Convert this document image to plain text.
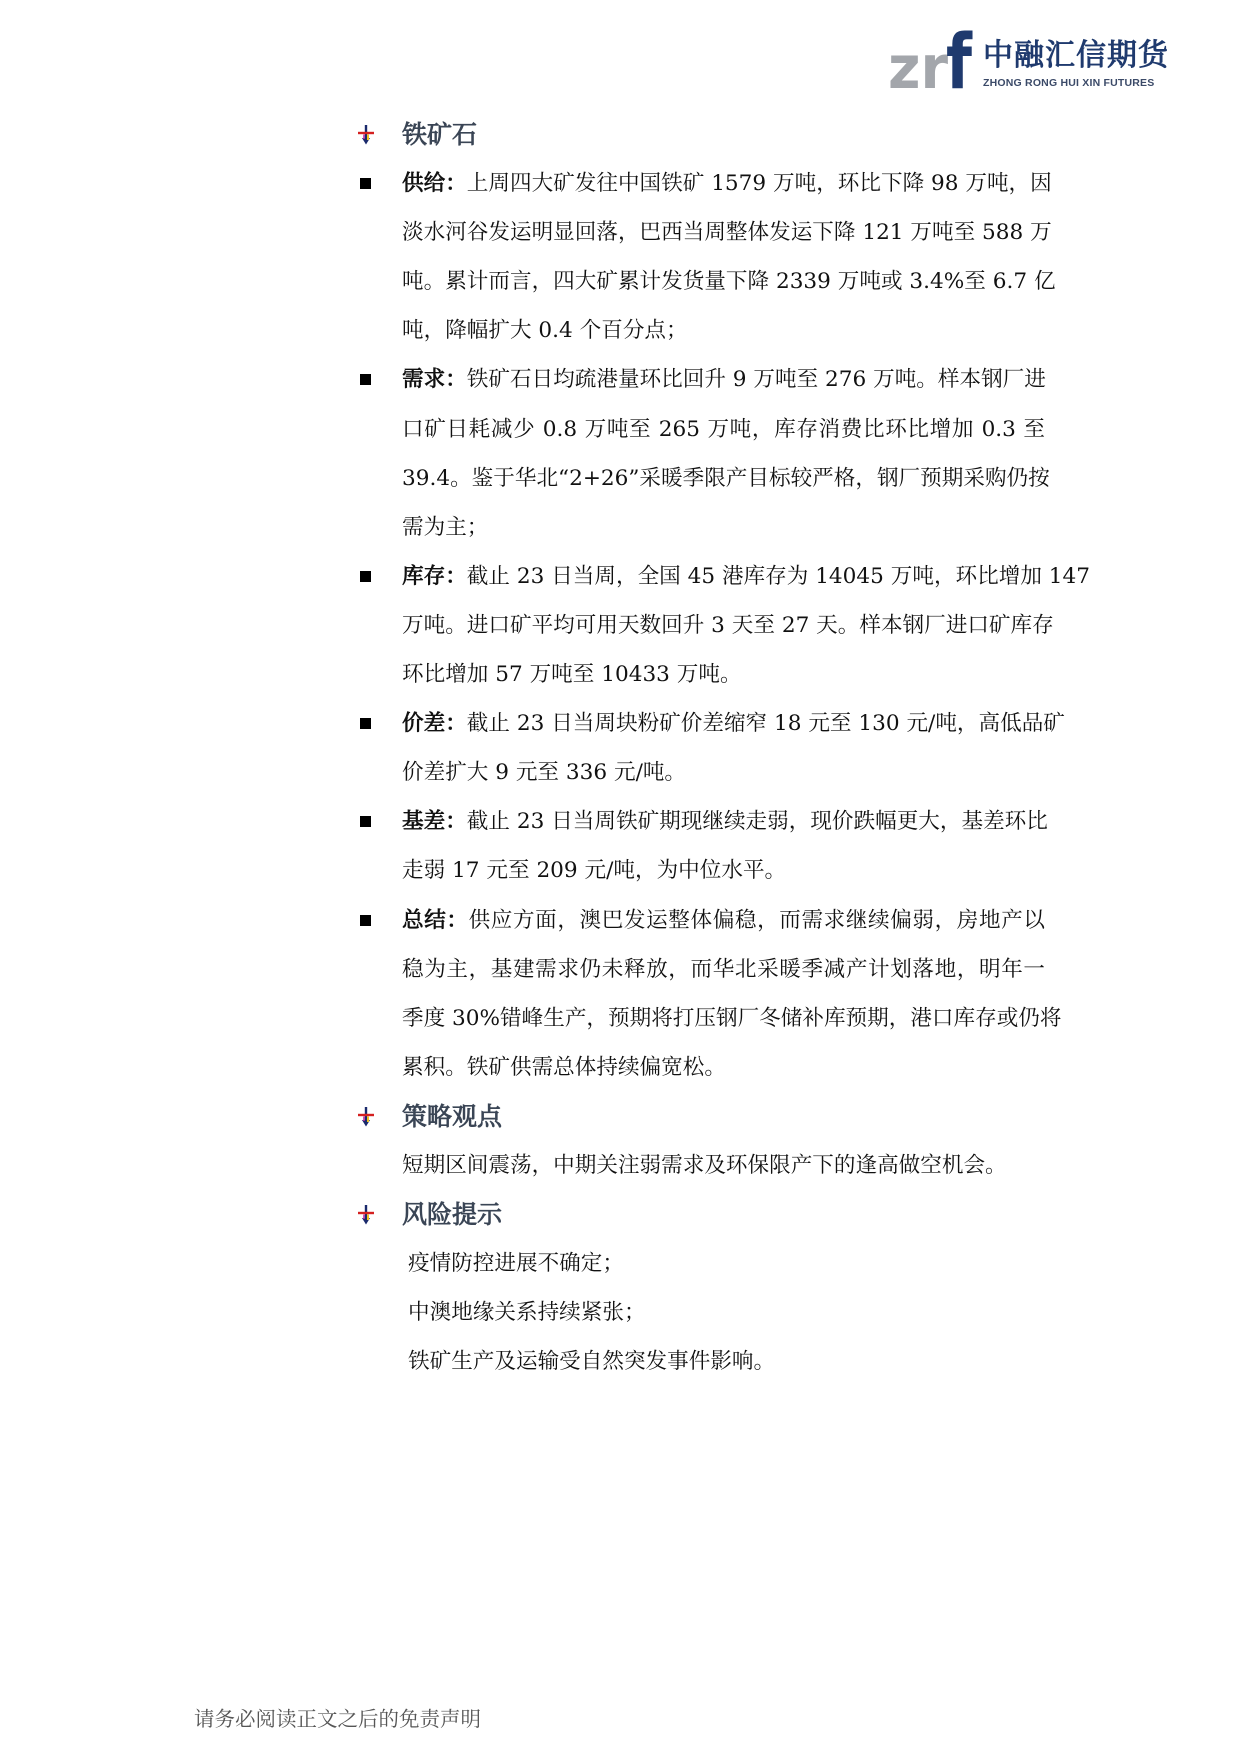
zr
f 中融汇信期货
ZHONG RONG HUI XIN FUTURES
铁矿石
供给：上周四大矿发往中国铁矿 1579 万吨，环比下降 98 万吨，因
淡水河谷发运明显回落，巴西当周整体发运下降 121 万吨至 588 万
吨。累计而言，四大矿累计发货量下降 2339 万吨或 3.4%至 6.7 亿
吨，降幅扩大 0.4 个百分点；
需求：铁矿石日均疏港量环比回升 9 万吨至 276 万吨。样本钢厂进
口矿日耗减少 0.8 万吨至 265 万吨，库存消费比环比增加 0.3 至
39.4。鉴于华北“2+26”采暖季限产目标较严格，钢厂预期采购仍按
需为主；
库存：截止 23 日当周，全国 45 港库存为 14045 万吨，环比增加 147
万吨。进口矿平均可用天数回升 3 天至 27 天。样本钢厂进口矿库存
环比增加 57 万吨至 10433 万吨。
价差：截止 23 日当周块粉矿价差缩窄 18 元至 130 元/吨，高低品矿
价差扩大 9 元至 336 元/吨。
基差：截止 23 日当周铁矿期现继续走弱，现价跌幅更大，基差环比
走弱 17 元至 209 元/吨，为中位水平。
总结：供应方面，澳巴发运整体偏稳，而需求继续偏弱，房地产以
稳为主，基建需求仍未释放，而华北采暖季减产计划落地，明年一
季度 30%错峰生产，预期将打压钢厂冬储补库预期，港口库存或仍将
累积。铁矿供需总体持续偏宽松。
策略观点
短期区间震荡，中期关注弱需求及环保限产下的逢高做空机会。
风险提示
疫情防控进展不确定；
中澳地缘关系持续紧张；
铁矿生产及运输受自然突发事件影响。
请务必阅读正文之后的免责声明
